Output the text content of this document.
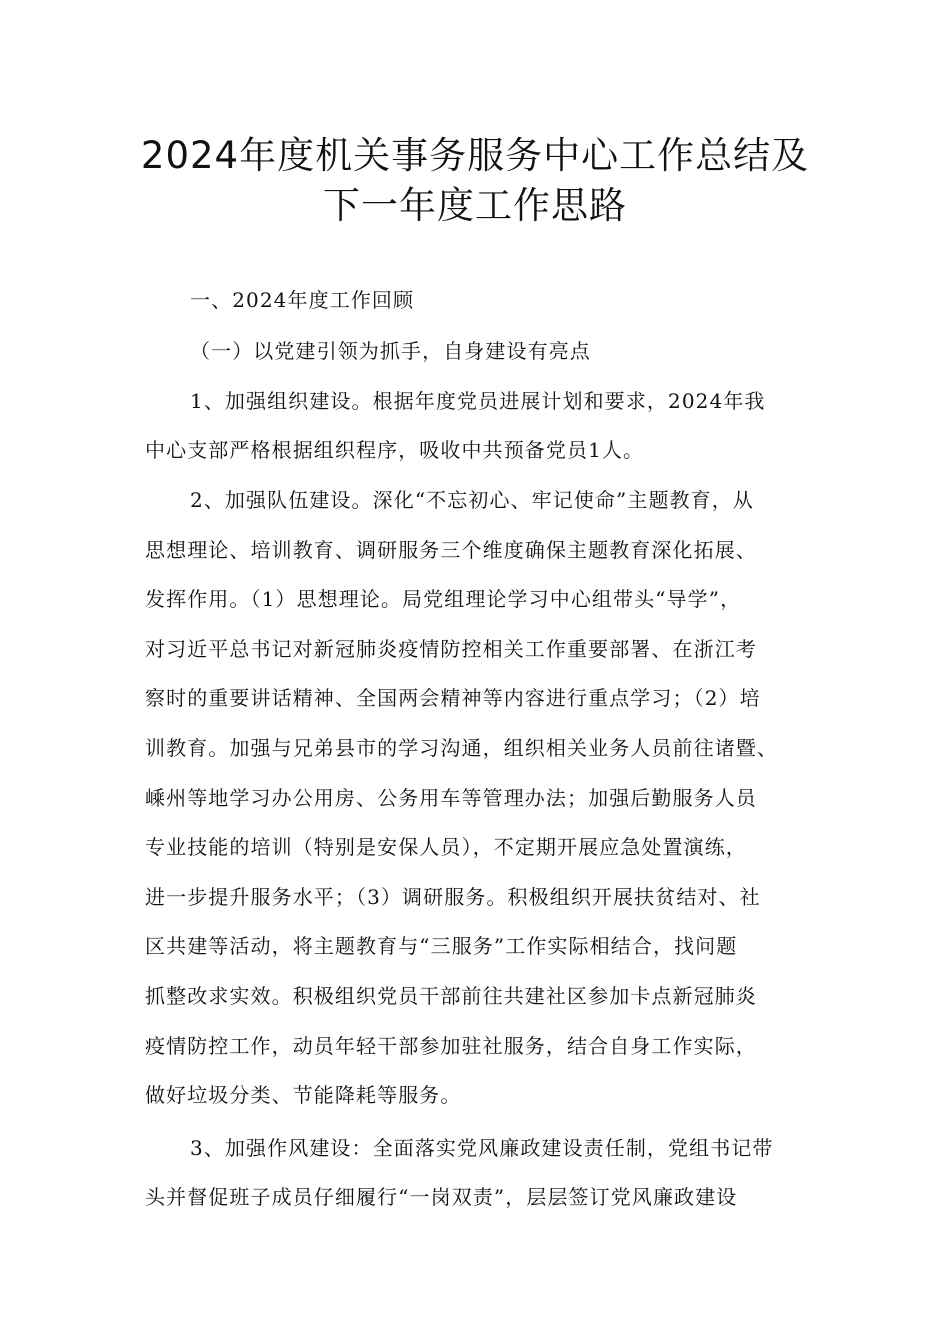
2024年度机关事务服务中心工作总结及
下一年度工作思路
一、2024年度工作回顾
（一）以党建引领为抓手，自身建设有亮点
1、加强组织建设。根据年度党员进展计划和要求，2024年我
中心支部严格根据组织程序，吸收中共预备党员1人。
2、加强队伍建设。深化“不忘初心、牢记使命”主题教育，从
思想理论、培训教育、调研服务三个维度确保主题教育深化拓展、
发挥作用。（1）思想理论。局党组理论学习中心组带头“导学”，
对习近平总书记对新冠肺炎疫情防控相关工作重要部署、在浙江考
察时的重要讲话精神、全国两会精神等内容进行重点学习；（2）培
训教育。加强与兄弟县市的学习沟通，组织相关业务人员前往诸暨、
嵊州等地学习办公用房、公务用车等管理办法；加强后勤服务人员
专业技能的培训（特别是安保人员），不定期开展应急处置演练，
进一步提升服务水平；（3）调研服务。积极组织开展扶贫结对、社
区共建等活动，将主题教育与“三服务”工作实际相结合，找问题
抓整改求实效。积极组织党员干部前往共建社区参加卡点新冠肺炎
疫情防控工作，动员年轻干部参加驻社服务，结合自身工作实际，
做好垃圾分类、节能降耗等服务。
3、加强作风建设：全面落实党风廉政建设责任制，党组书记带
头并督促班子成员仔细履行“一岗双责”，层层签订党风廉政建设
